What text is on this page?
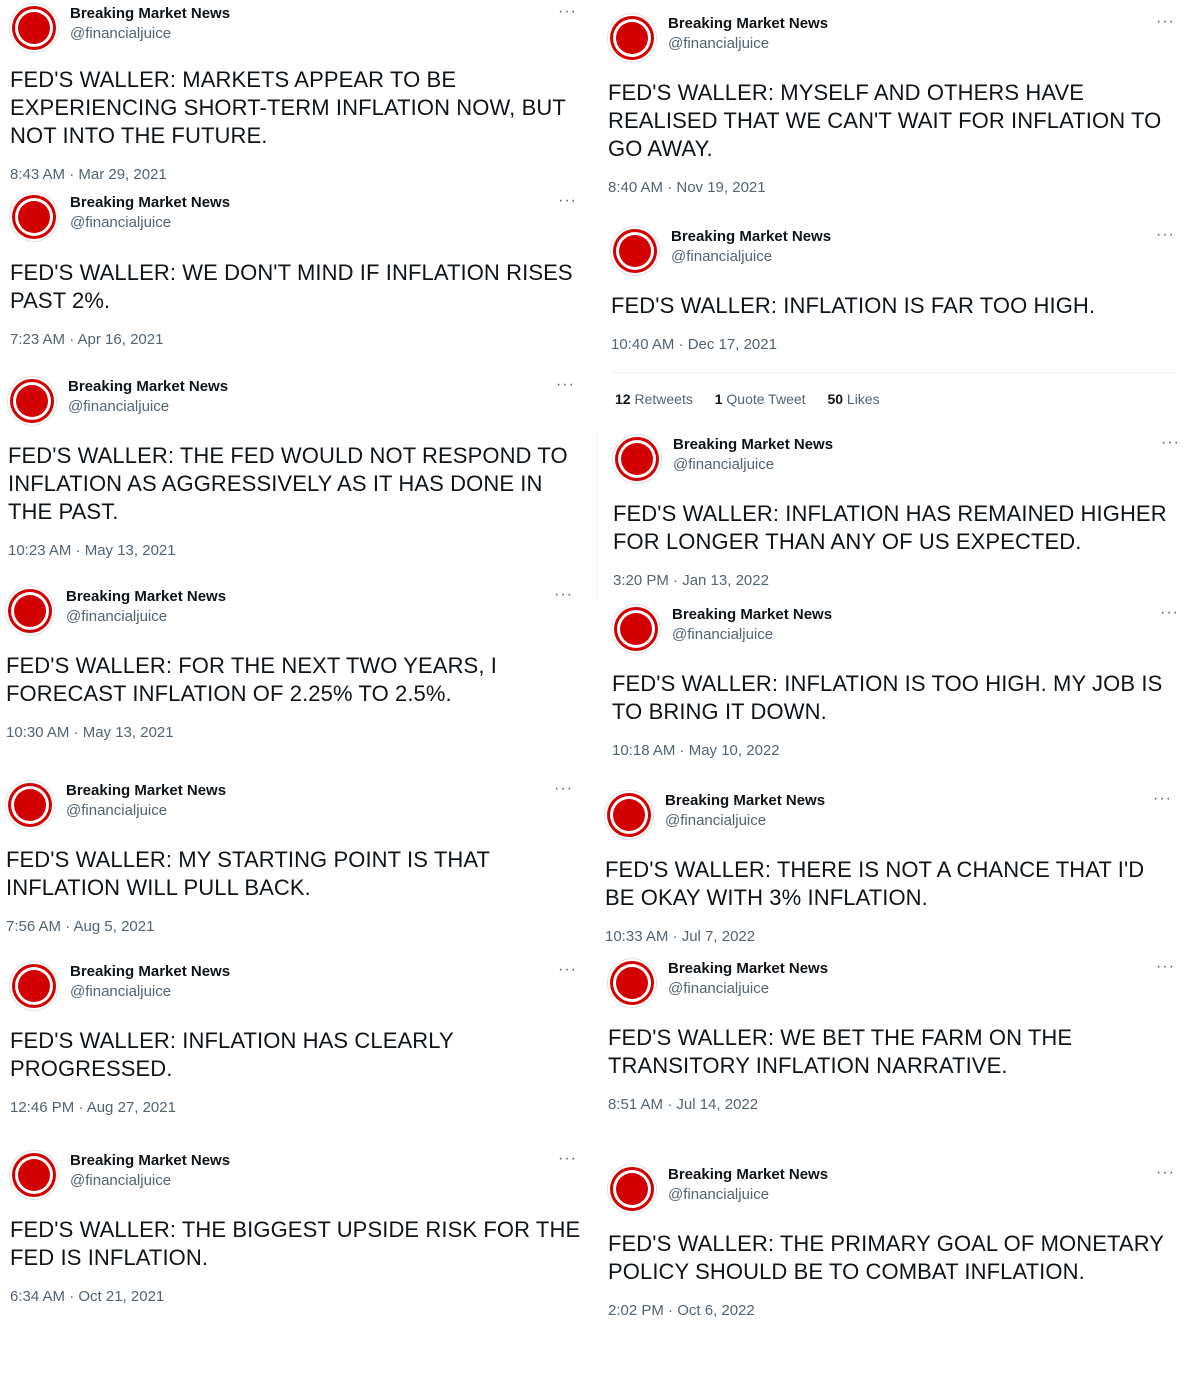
Breaking Market News
@financialjuice
···
FED'S WALLER: MARKETS APPEAR TO BE
EXPERIENCING SHORT-TERM INFLATION NOW, BUT
NOT INTO THE FUTURE.
8:43 AM · Mar 29, 2021
Breaking Market News
@financialjuice
···
FED'S WALLER: WE DON'T MIND IF INFLATION RISES
PAST 2%.
7:23 AM · Apr 16, 2021
Breaking Market News
@financialjuice
···
FED'S WALLER: THE FED WOULD NOT RESPOND TO
INFLATION AS AGGRESSIVELY AS IT HAS DONE IN
THE PAST.
10:23 AM · May 13, 2021
Breaking Market News
@financialjuice
···
FED'S WALLER: FOR THE NEXT TWO YEARS, I
FORECAST INFLATION OF 2.25% TO 2.5%.
10:30 AM · May 13, 2021
Breaking Market News
@financialjuice
···
FED'S WALLER: MY STARTING POINT IS THAT
INFLATION WILL PULL BACK.
7:56 AM · Aug 5, 2021
Breaking Market News
@financialjuice
···
FED'S WALLER: INFLATION HAS CLEARLY
PROGRESSED.
12:46 PM · Aug 27, 2021
Breaking Market News
@financialjuice
···
FED'S WALLER: THE BIGGEST UPSIDE RISK FOR THE
FED IS INFLATION.
6:34 AM · Oct 21, 2021
Breaking Market News
@financialjuice
···
FED'S WALLER: MYSELF AND OTHERS HAVE
REALISED THAT WE CAN'T WAIT FOR INFLATION TO
GO AWAY.
8:40 AM · Nov 19, 2021
Breaking Market News
@financialjuice
···
FED'S WALLER: INFLATION IS FAR TOO HIGH.
10:40 AM · Dec 17, 2021
12 Retweets 1 Quote Tweet 50 Likes
Breaking Market News
@financialjuice
···
FED'S WALLER: INFLATION HAS REMAINED HIGHER
FOR LONGER THAN ANY OF US EXPECTED.
3:20 PM · Jan 13, 2022
Breaking Market News
@financialjuice
···
FED'S WALLER: INFLATION IS TOO HIGH. MY JOB IS
TO BRING IT DOWN.
10:18 AM · May 10, 2022
Breaking Market News
@financialjuice
···
FED'S WALLER: THERE IS NOT A CHANCE THAT I'D
BE OKAY WITH 3% INFLATION.
10:33 AM · Jul 7, 2022
Breaking Market News
@financialjuice
···
FED'S WALLER: WE BET THE FARM ON THE
TRANSITORY INFLATION NARRATIVE.
8:51 AM · Jul 14, 2022
Breaking Market News
@financialjuice
···
FED'S WALLER: THE PRIMARY GOAL OF MONETARY
POLICY SHOULD BE TO COMBAT INFLATION.
2:02 PM · Oct 6, 2022
